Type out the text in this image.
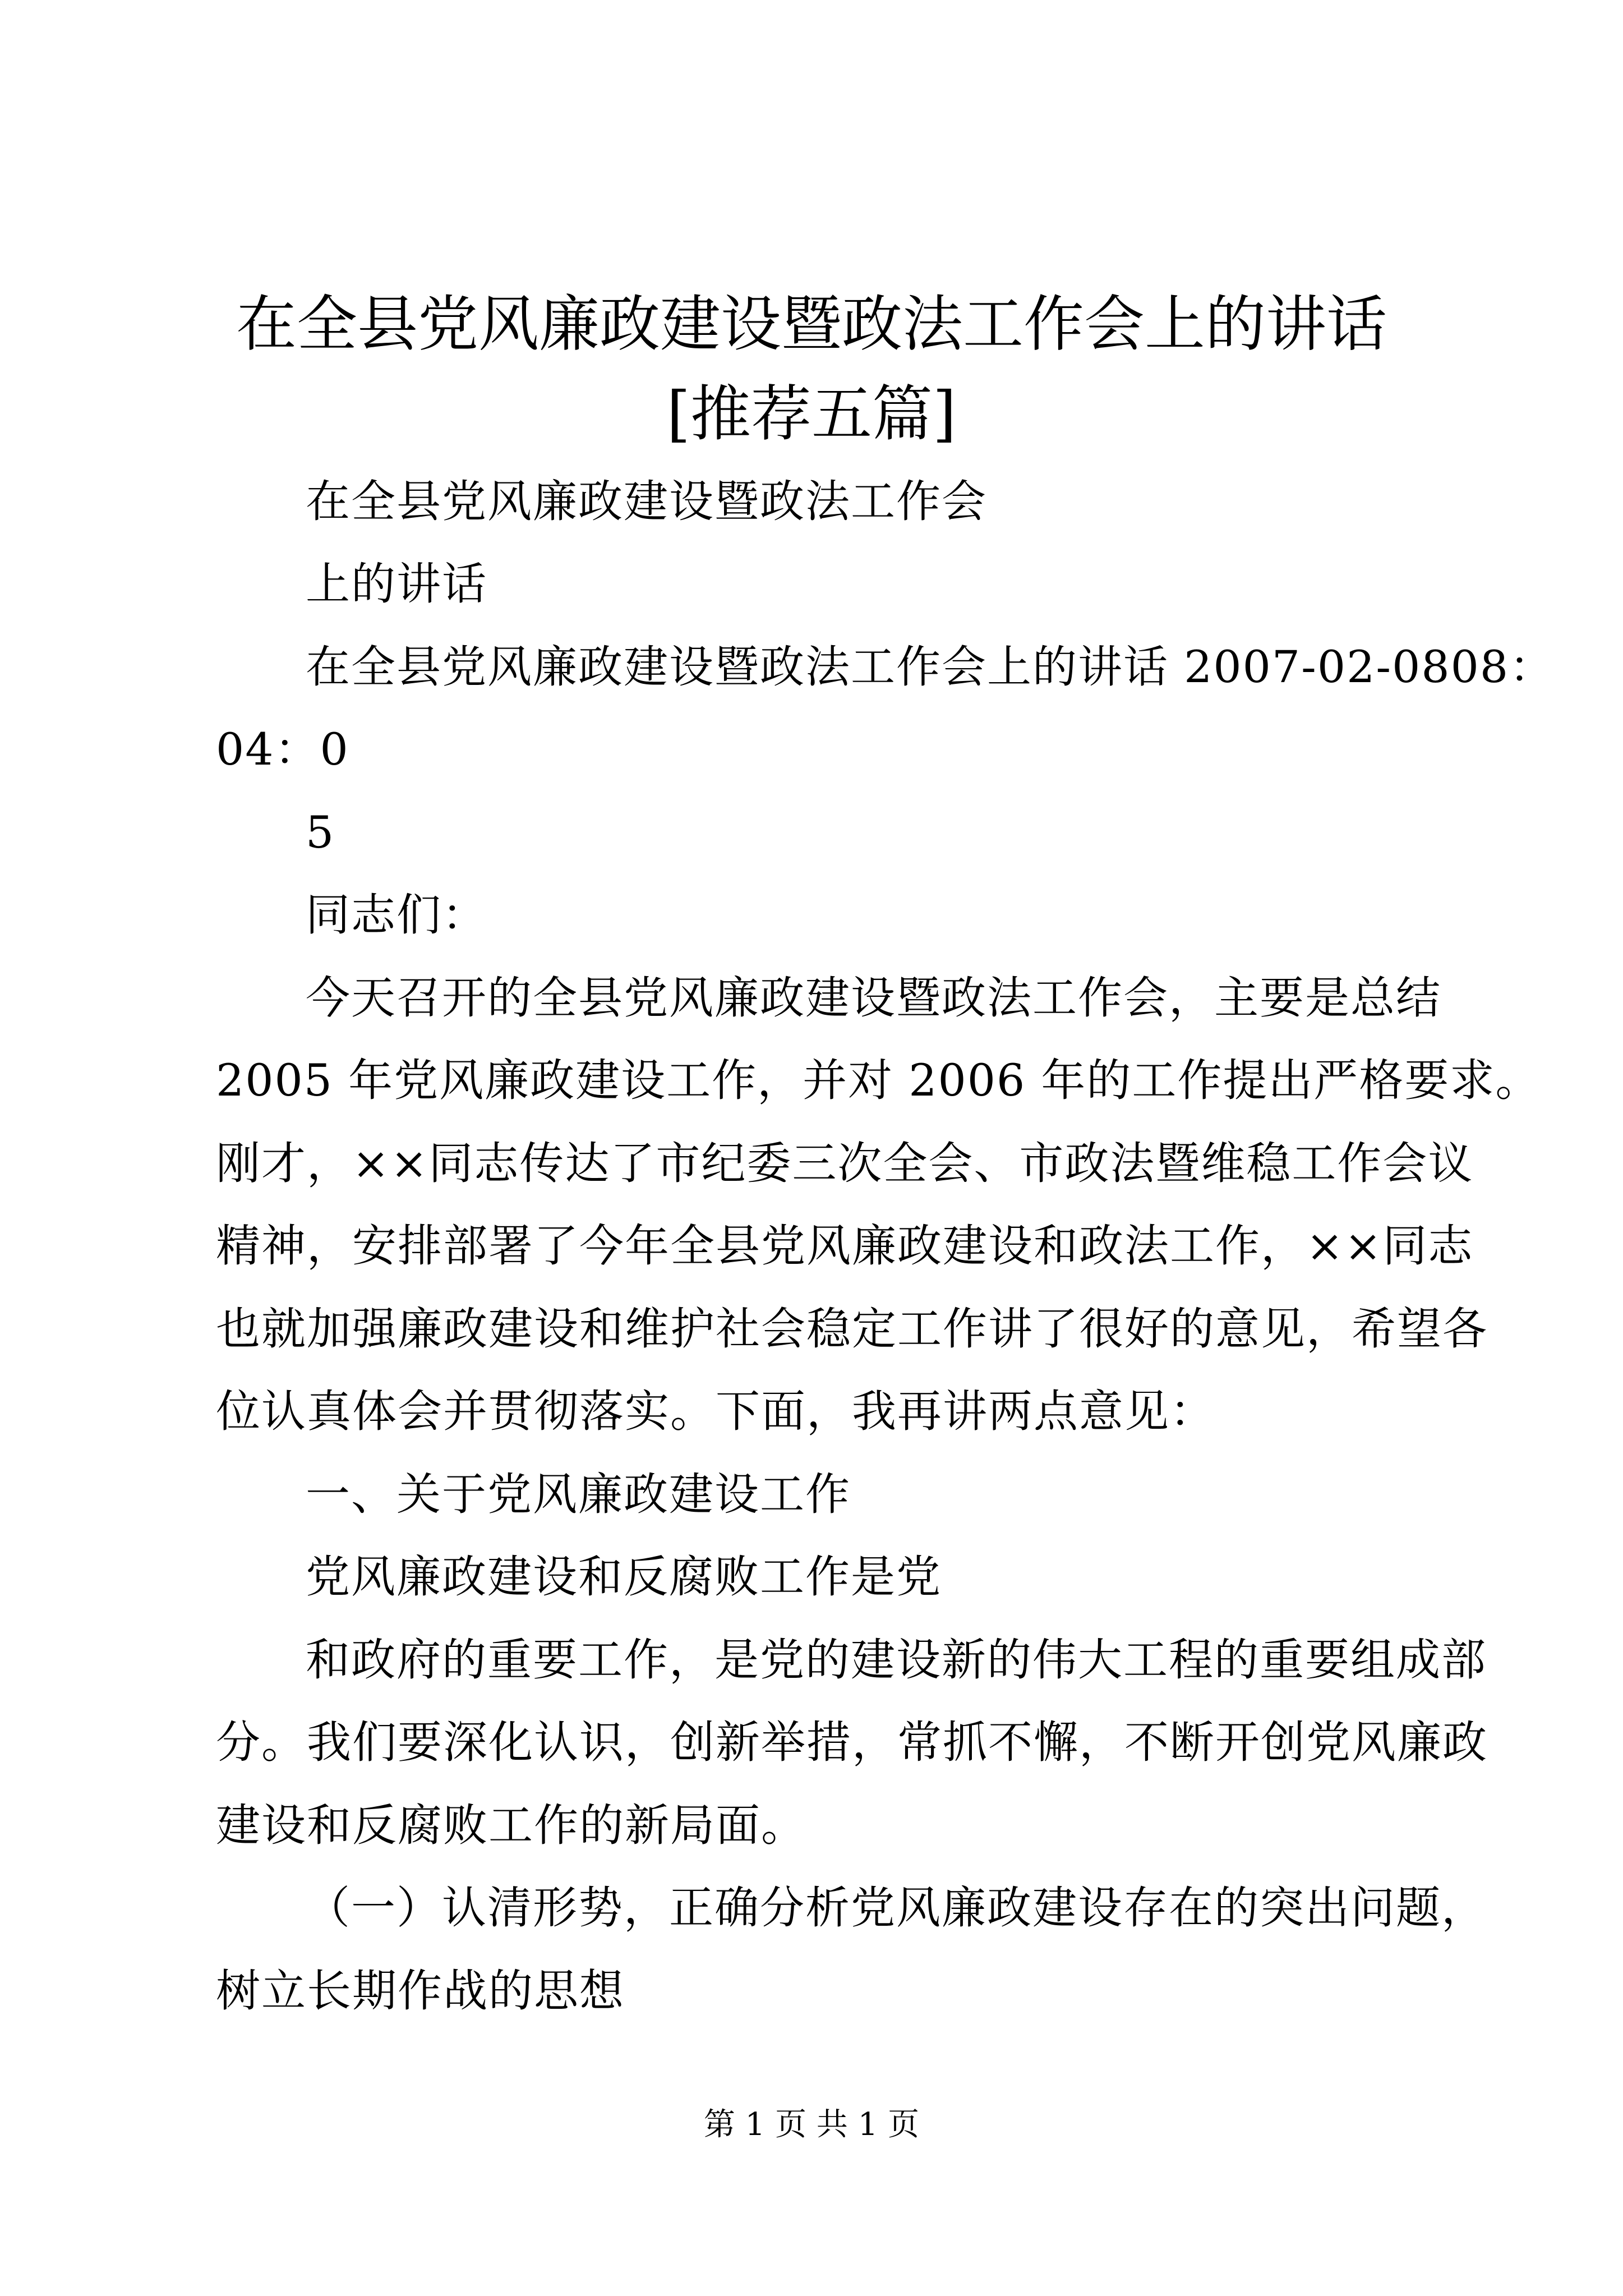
在全县党风廉政建设暨政法工作会上的讲话
[推荐五篇]
在全县党风廉政建设暨政法工作会
上的讲话
在全县党风廉政建设暨政法工作会上的讲话 2007-02-0808：
04：0
5
同志们：
今天召开的全县党风廉政建设暨政法工作会，主要是总结
2005 年党风廉政建设工作，并对 2006 年的工作提出严格要求。
刚才，××同志传达了市纪委三次全会、市政法暨维稳工作会议
精神，安排部署了今年全县党风廉政建设和政法工作，××同志
也就加强廉政建设和维护社会稳定工作讲了很好的意见，希望各
位认真体会并贯彻落实。下面，我再讲两点意见：
一、关于党风廉政建设工作
党风廉政建设和反腐败工作是党
和政府的重要工作，是党的建设新的伟大工程的重要组成部
分。我们要深化认识，创新举措，常抓不懈，不断开创党风廉政
建设和反腐败工作的新局面。
（一）认清形势，正确分析党风廉政建设存在的突出问题，
树立长期作战的思想
第 1 页 共 1 页
